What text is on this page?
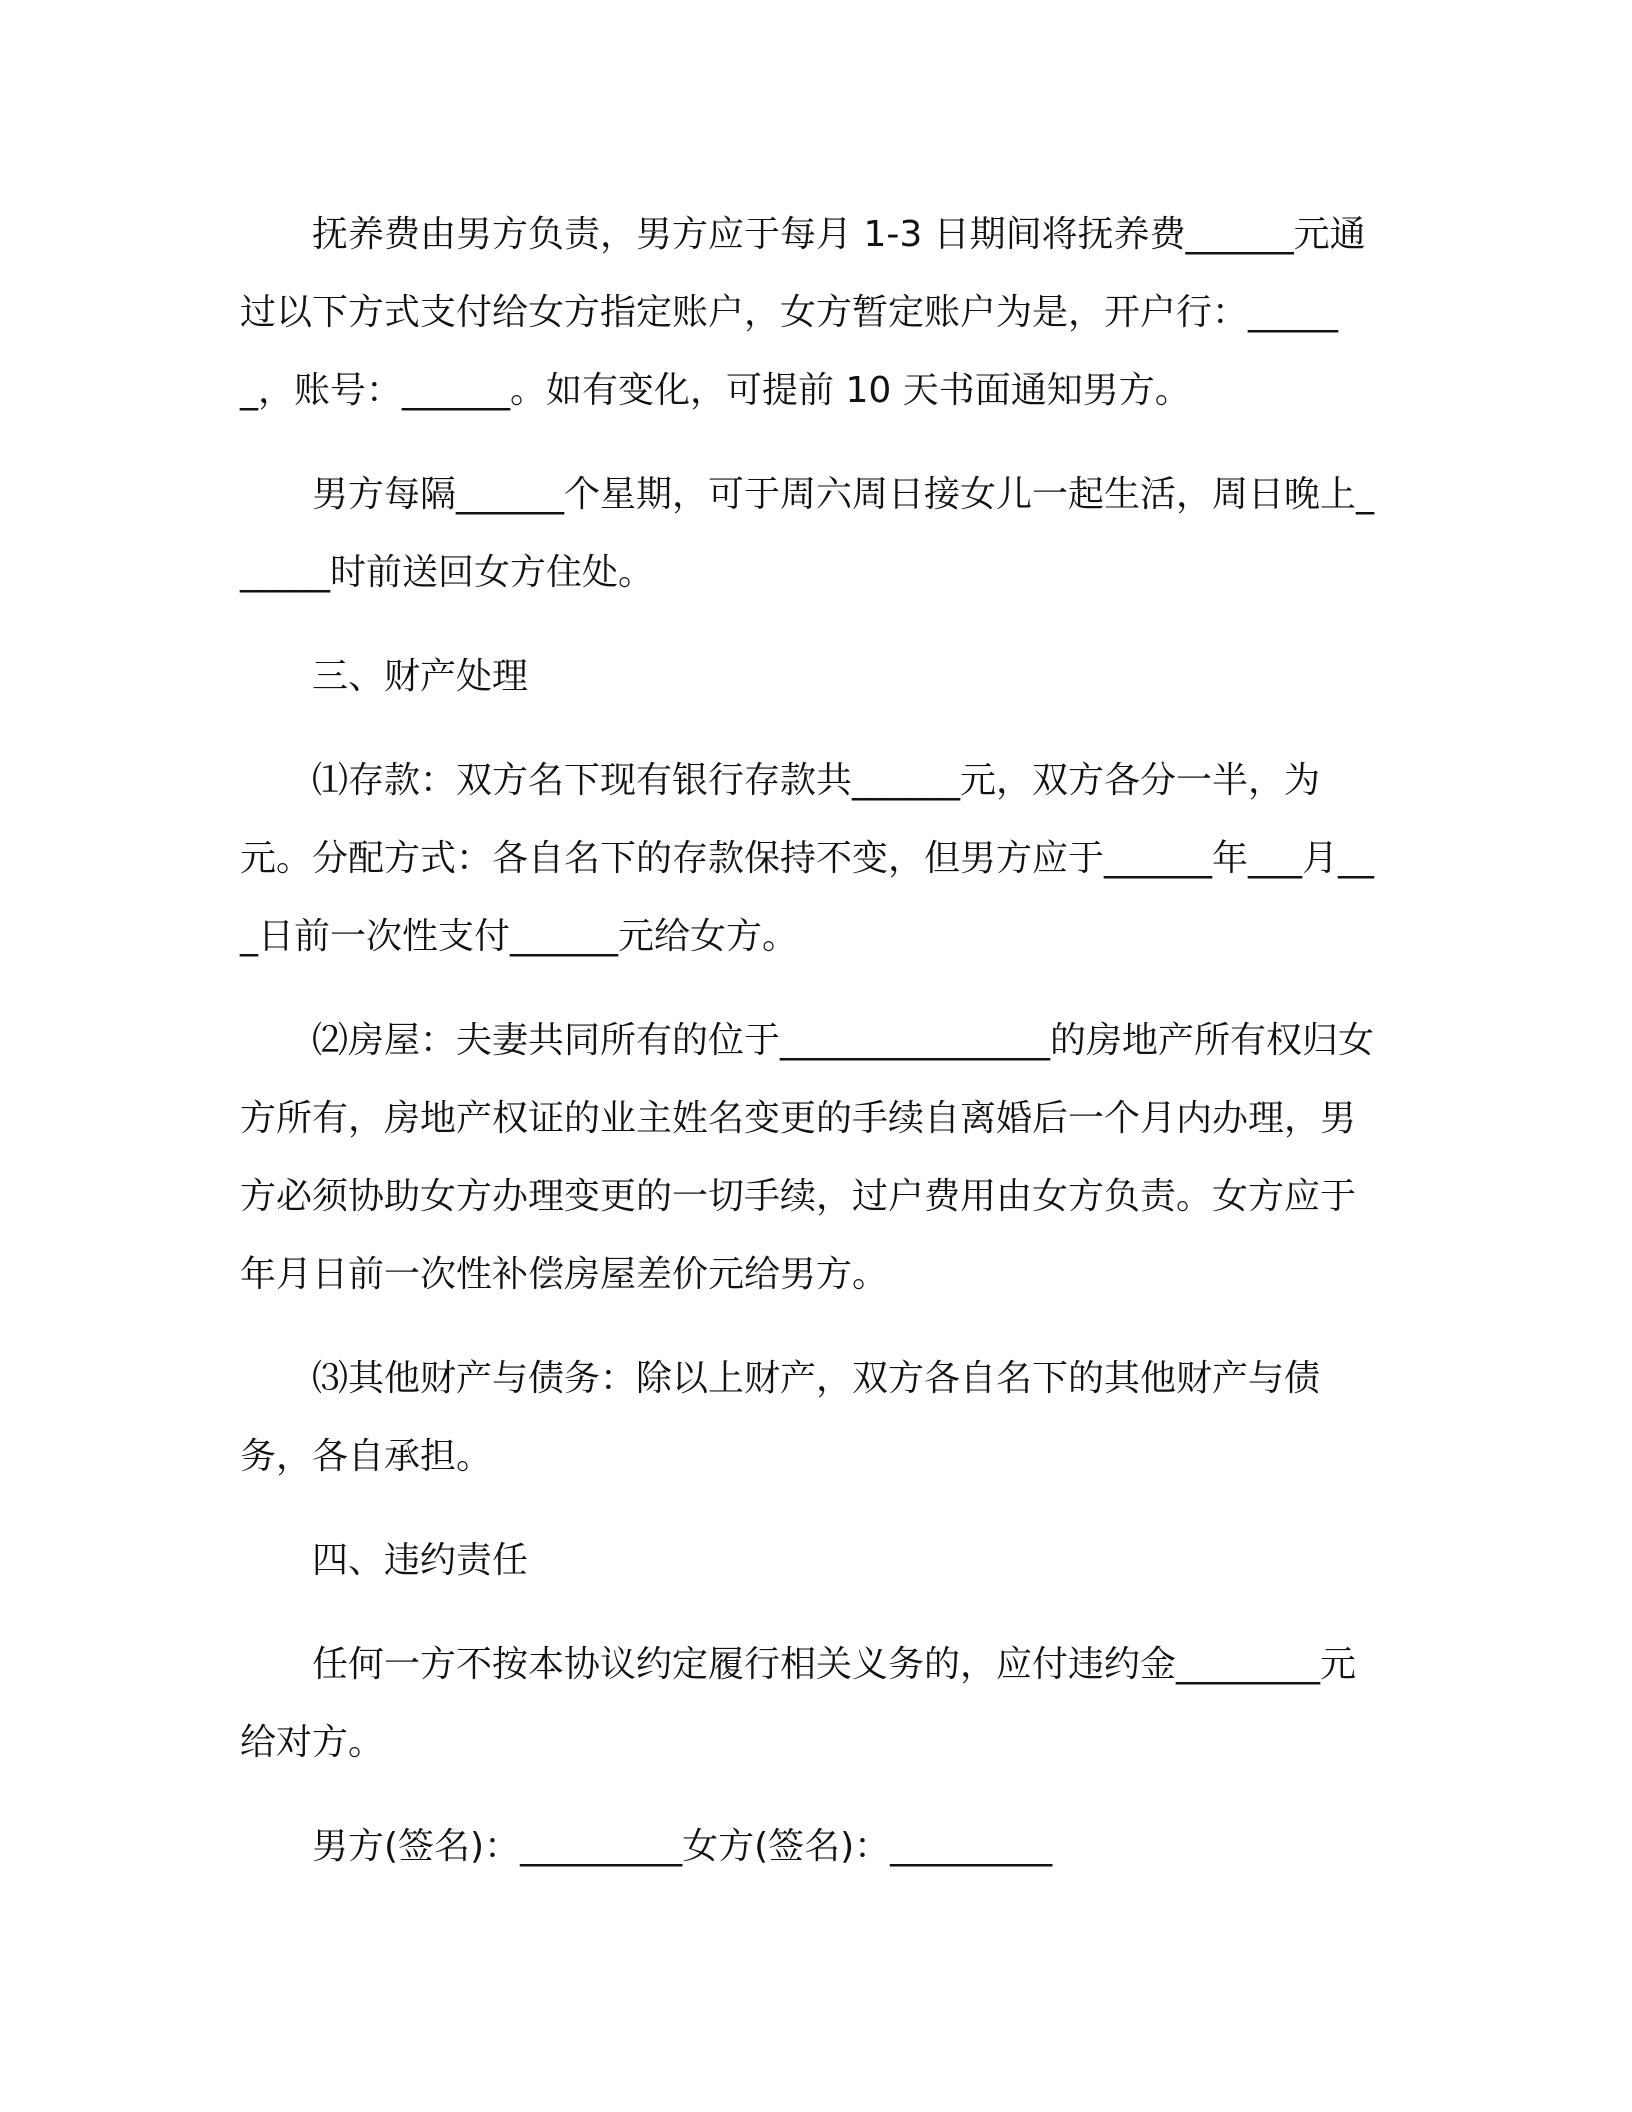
抚养费由男方负责，男方应于每月 1-3 日期间将抚养费______元通过以下方式支付给女方指定账户，女方暂定账户为是，开户行：______，账号：______。如有变化，可提前 10 天书面通知男方。

男方每隔______个星期，可于周六周日接女儿一起生活，周日晚上______时前送回女方住处。

三、财产处理

⑴存款：双方名下现有银行存款共______元，双方各分一半，为元。分配方式：各自名下的存款保持不变，但男方应于______年___月___日前一次性支付______元给女方。

⑵房屋：夫妻共同所有的位于_______________的房地产所有权归女方所有，房地产权证的业主姓名变更的手续自离婚后一个月内办理，男方必须协助女方办理变更的一切手续，过户费用由女方负责。女方应于年月日前一次性补偿房屋差价元给男方。

⑶其他财产与债务：除以上财产，双方各自名下的其他财产与债务，各自承担。

四、违约责任

任何一方不按本协议约定履行相关义务的，应付违约金________元给对方。

男方(签名)：_________女方(签名)：_________
